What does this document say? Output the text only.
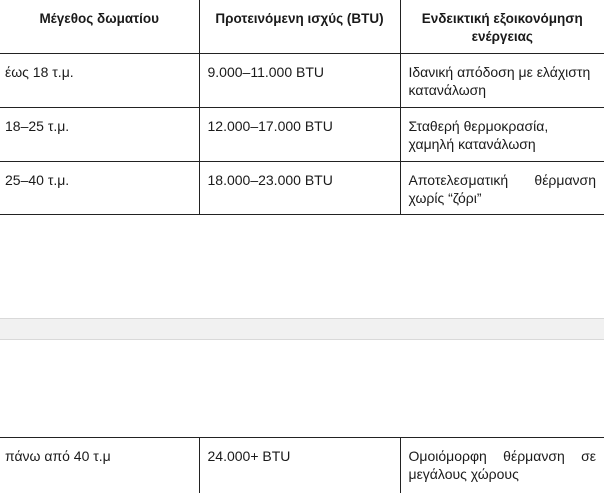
Μέγεθος δωματίου	Προτεινόμενη ισχύς (BTU)	Ενδεικτική εξοικονόμηση ενέργειας

έως 18 τ.μ.	9.000–11.000 BTU	Ιδανική απόδοση με ελάχιστη κατανάλωση

18–25 τ.μ.	12.000–17.000 BTU	Σταθερή θερμοκρασία, χαμηλή κατανάλωση

25–40 τ.μ.	18.000–23.000 BTU	Αποτελεσματική θέρμανση χωρίς “ζόρι”
πάνω από 40 τ.μ	24.000+ BTU	Ομοιόμορφη θέρμανση σε μεγάλους χώρους
